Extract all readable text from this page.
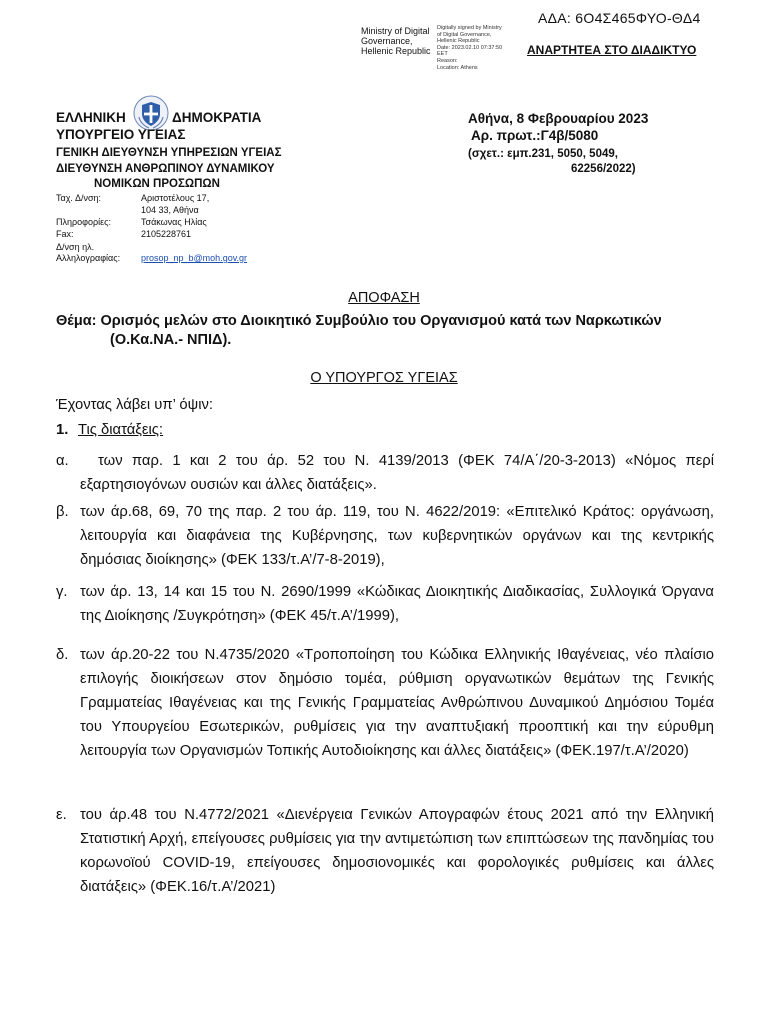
ΑΔΑ: 6Ο4Σ465ΦΥΟ-ΘΔ4
Ministry of Digital
Governance,
Hellenic Republic
Digitally signed by Ministry
of Digital Governance,
Hellenic Republic
Date: 2023.02.10 07:37:50
EET
Reason:
Location: Athens
ΑΝΑΡΤΗΤΕΑ ΣΤΟ ΔΙΑΔΙΚΤΥΟ
ΕΛΛΗΝΙΚΗ	ΔΗΜΟΚΡΑΤΙΑ
ΥΠΟΥΡΓΕΙΟ ΥΓΕΙΑΣ
ΓΕΝΙΚΗ ΔΙΕΥΘΥΝΣΗ ΥΠΗΡΕΣΙΩΝ ΥΓΕΙΑΣ
ΔΙΕΥΘΥΝΣΗ ΑΝΘΡΩΠΙΝΟΥ ΔΥΝΑΜΙΚΟΥ
ΝΟΜΙΚΩΝ ΠΡΟΣΩΠΩΝ
Αθήνα, 8 Φεβρουαρίου 2023
Αρ. πρωτ.:Γ4β/5080
(σχετ.: εμπ.231, 5050, 5049,
62256/2022)
Ταχ. Δ/νση:	Αριστοτέλους 17,
104 33, Αθήνα
Πληροφορίες:	Τσάκωνας Ηλίας
Fax:	2105228761
Δ/νση ηλ.
Αλληλογραφίας: prosop_np_b@moh.gov.gr
ΑΠΟΦΑΣΗ
Θέμα: Ορισμός μελών στο Διοικητικό Συμβούλιο του Οργανισμού κατά των Ναρκωτικών
(Ο.Κα.ΝΑ.- ΝΠΙΔ).
Ο ΥΠΟΥΡΓΟΣ ΥΓΕΙΑΣ
Έχοντας λάβει υπ’ όψιν:
1. Τις διατάξεις:
α.	των παρ. 1 και 2 του άρ. 52 του Ν. 4139/2013 (ΦΕΚ 74/Α΄/20-3-2013) «Νόμος περί εξαρτησιογόνων ουσιών και άλλες διατάξεις».
β. των άρ.68, 69, 70 της παρ. 2 του άρ. 119, του Ν. 4622/2019: «Επιτελικό Κράτος: οργάνωση, λειτουργία και διαφάνεια της Κυβέρνησης, των κυβερνητικών οργάνων και της κεντρικής δημόσιας διοίκησης» (ΦΕΚ 133/τ.Α’/7-8-2019),
γ. των άρ. 13, 14 και 15 του Ν. 2690/1999 «Κώδικας Διοικητικής Διαδικασίας, Συλλογικά Όργανα της Διοίκησης /Συγκρότηση» (ΦΕΚ 45/τ.Α’/1999),
δ. των άρ.20-22 του Ν.4735/2020 «Τροποποίηση του Κώδικα Ελληνικής Ιθαγένειας, νέο πλαίσιο επιλογής διοικήσεων στον δημόσιο τομέα, ρύθμιση οργανωτικών θεμάτων της Γενικής Γραμματείας Ιθαγένειας και της Γενικής Γραμματείας Ανθρώπινου Δυναμικού Δημόσιου Τομέα του Υπουργείου Εσωτερικών, ρυθμίσεις για την αναπτυξιακή προοπτική και την εύρυθμη λειτουργία των Οργανισμών Τοπικής Αυτοδιοίκησης και άλλες διατάξεις» (ΦΕΚ.197/τ.Α’/2020)
ε. του άρ.48 του Ν.4772/2021 «Διενέργεια Γενικών Απογραφών έτους 2021 από την Ελληνική Στατιστική Αρχή, επείγουσες ρυθμίσεις για την αντιμετώπιση των επιπτώσεων της πανδημίας του κορωνοϊού COVID-19, επείγουσες δημοσιονομικές και φορολογικές ρυθμίσεις και άλλες διατάξεις» (ΦΕΚ.16/τ.Α’/2021)
